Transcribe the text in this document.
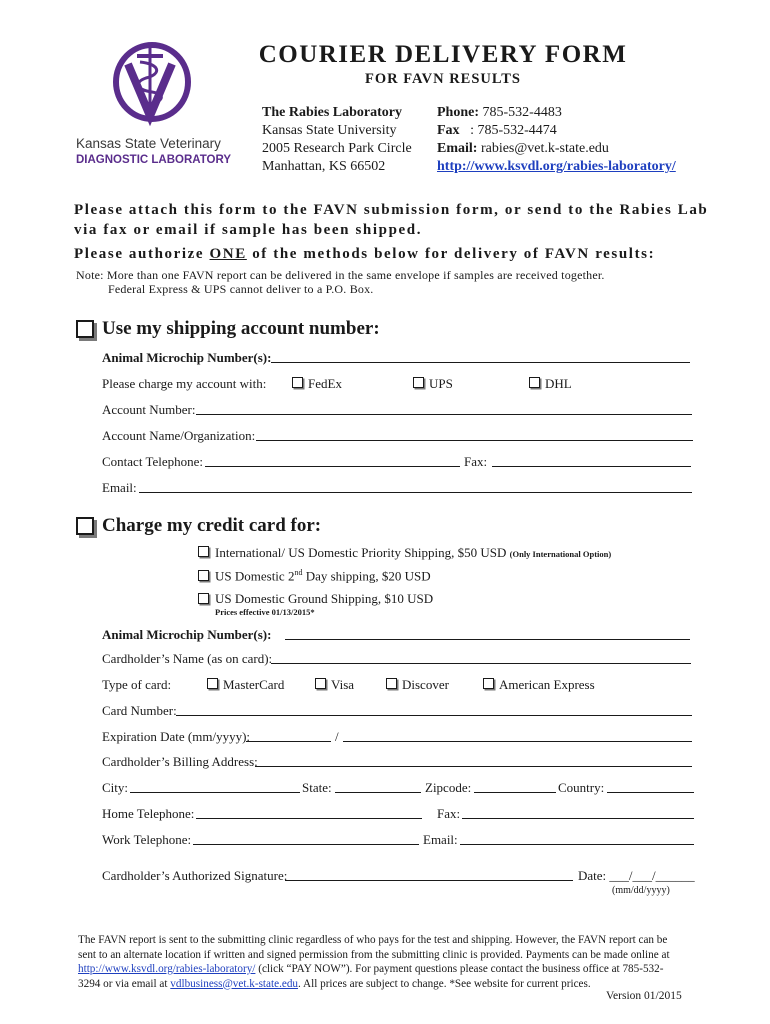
Kansas State Veterinary
DIAGNOSTIC LABORATORY
COURIER DELIVERY FORM
FOR FAVN RESULTS
The Rabies Laboratory
Kansas State University
2005 Research Park Circle
Manhattan, KS 66502
Phone: 785-532-4483
Fax : 785-532-4474
Email: rabies@vet.k-state.edu
http://www.ksvdl.org/rabies-laboratory/
Please attach this form to the FAVN submission form, or send to the Rabies Lab
via fax or email if sample has been shipped.
Please authorize ONE of the methods below for delivery of FAVN results:
Note: More than one FAVN report can be delivered in the same envelope if samples are received together.
Federal Express & UPS cannot deliver to a P.O. Box.
Use my shipping account number:
Animal Microchip Number(s):
Please charge my account with:	FedEx	UPS	DHL
Account Number:
Account Name/Organization:
Contact Telephone:	Fax:
Email:
Charge my credit card for:
International/ US Domestic Priority Shipping, $50 USD (Only International Option)
US Domestic 2nd Day shipping, $20 USD
US Domestic Ground Shipping, $10 USD
Prices effective 01/13/2015*
Animal Microchip Number(s):
Cardholder’s Name (as on card):
Type of card:	MasterCard	Visa	Discover	American Express
Card Number:
Expiration Date (mm/yyyy):	/
Cardholder’s Billing Address:
City:	State:	Zipcode:	Country:
Home Telephone:	Fax:
Work Telephone:	Email:
Cardholder’s Authorized Signature:	Date: ___/___/______
(mm/dd/yyyy)
The FAVN report is sent to the submitting clinic regardless of who pays for the test and shipping. However, the FAVN report can be
sent to an alternate location if written and signed permission from the submitting clinic is provided. Payments can be made online at
http://www.ksvdl.org/rabies-laboratory/ (click “PAY NOW”). For payment questions please contact the business office at 785-532-
3294 or via email at vdlbusiness@vet.k-state.edu. All prices are subject to change. *See website for current prices.
Version 01/2015
